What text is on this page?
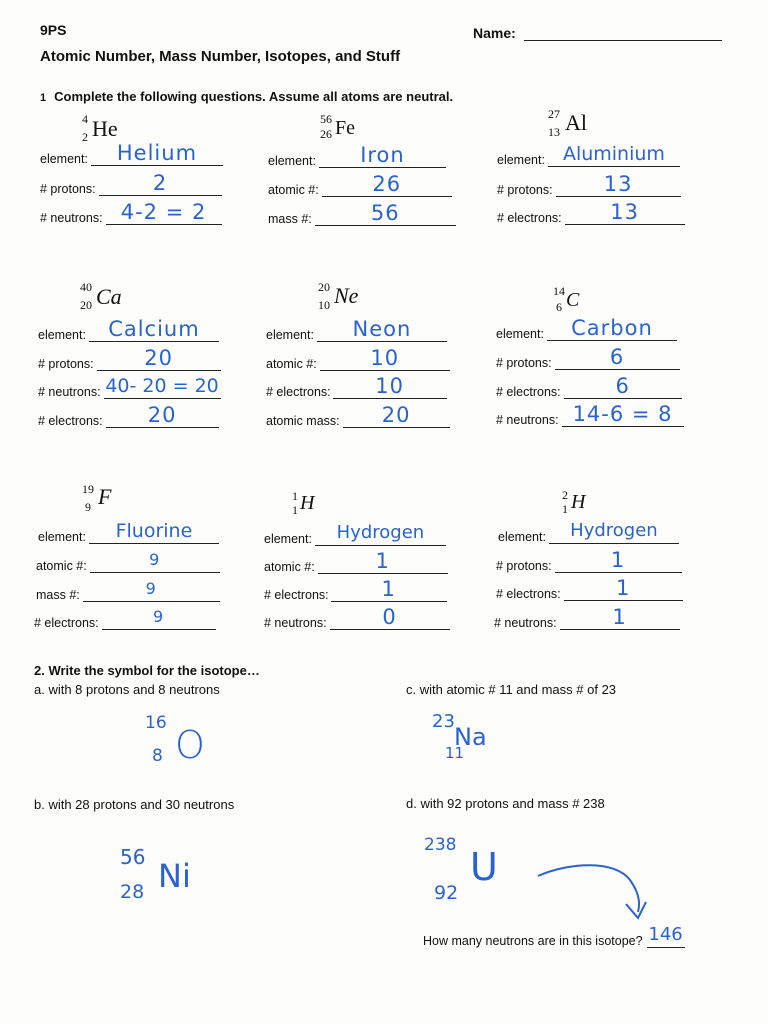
9PS
Atomic Number, Mass Number, Isotopes, and Stuff
Name:
1 Complete the following questions. Assume all atoms are neutral.
4
2 He	56
26 Fe
27
13 Al
element:	Helium
# protons:	2
# neutrons: 4-2 = 2
element:	Iron
atomic #:	26
mass #:	56
element: Aluminium
# protons:	13
# electrons:	13
40
20 Ca	20
10 Ne	14
6 C
element:	Calcium
# protons:	20
# neutrons: 40- 20 = 20
# electrons:	20
element:	Neon
atomic #:	10
# electrons:	10
atomic mass:	20
element:	Carbon
# protons:	6
# electrons:	6
# neutrons: 14-6 = 8
19
9 F	1
1 H	2
1 H
element:	Fluorine
atomic #:	9
mass #:	9
# electrons:	9
element:	Hydrogen
atomic #:	1
# electrons:	1
# neutrons:	0
element:	Hydrogen
# protons:	1
# electrons:	1
# neutrons:	1
2. Write the symbol for the isotope…
a. with 8 protons and 8 neutrons	c. with atomic # 11 and mass # of 23
b. with 28 protons and 30 neutrons	d. with 92 protons and mass # 238
16
8 O
23
11
Na
56
28 Ni
238
92
U
How many neutrons are in this isotope? 146
